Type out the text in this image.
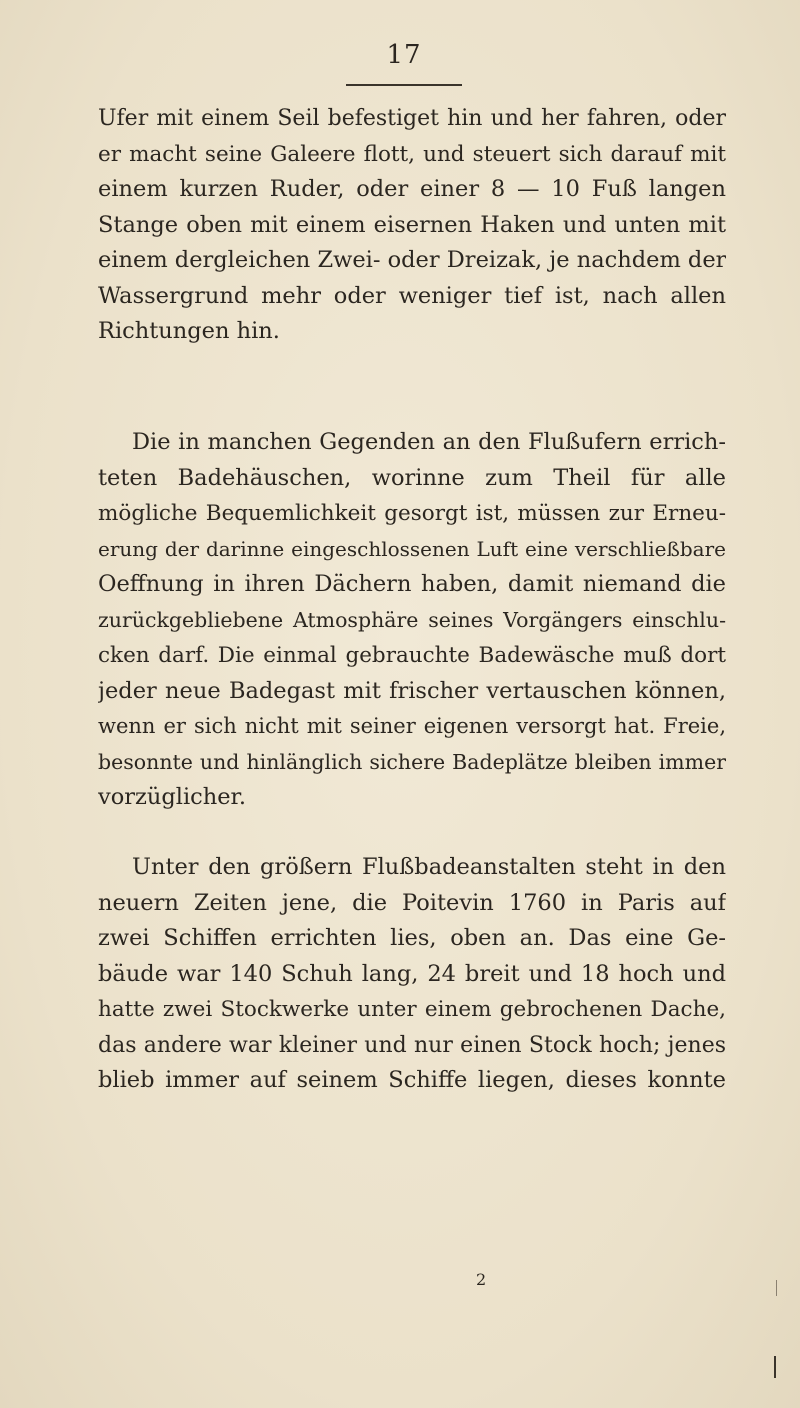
17
Ufer mit einem Seil befestiget hin und her fahren, oder
er macht seine Galeere flott, und steuert sich darauf mit
einem kurzen Ruder, oder einer 8 — 10 Fuß langen
Stange oben mit einem eisernen Haken und unten mit
einem dergleichen Zwei- oder Dreizak, je nachdem der
Wassergrund mehr oder weniger tief ist, nach allen
Richtungen hin.
Die in manchen Gegenden an den Flußufern errich-
teten Badehäuschen, worinne zum Theil für alle
mögliche Bequemlichkeit gesorgt ist, müssen zur Erneu-
erung der darinne eingeschlossenen Luft eine verschließbare
Oeffnung in ihren Dächern haben, damit niemand die
zurückgebliebene Atmosphäre seines Vorgängers einschlu-
cken darf. Die einmal gebrauchte Badewäsche muß dort
jeder neue Badegast mit frischer vertauschen können,
wenn er sich nicht mit seiner eigenen versorgt hat. Freie,
besonnte und hinlänglich sichere Badeplätze bleiben immer
vorzüglicher.
Unter den größern Flußbadeanstalten steht in den
neuern Zeiten jene, die Poitevin 1760 in Paris auf
zwei Schiffen errichten lies, oben an. Das eine Ge-
bäude war 140 Schuh lang, 24 breit und 18 hoch und
hatte zwei Stockwerke unter einem gebrochenen Dache,
das andere war kleiner und nur einen Stock hoch; jenes
blieb immer auf seinem Schiffe liegen, dieses konnte
2
